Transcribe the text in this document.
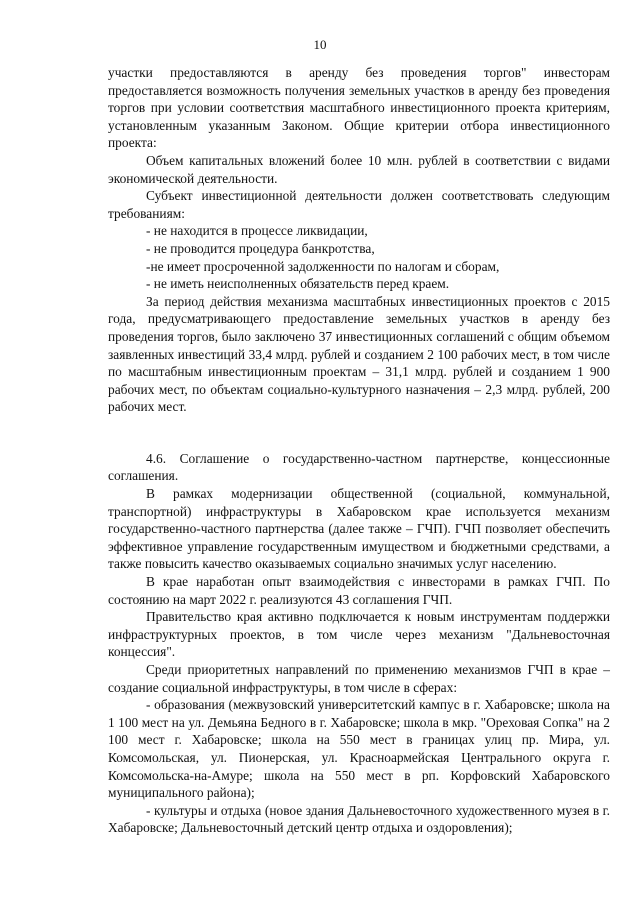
10

участки предоставляются в аренду без проведения торгов" инвесторам предоставляется возможность получения земельных участков в аренду без проведения торгов при условии соответствия масштабного инвестиционного проекта критериям, установленным указанным Законом. Общие критерии отбора инвестиционного проекта:

Объем капитальных вложений более 10 млн. рублей в соответствии с видами экономической деятельности.

Субъект инвестиционной деятельности должен соответствовать следующим требованиям:

- не находится в процессе ликвидации,

- не проводится процедура банкротства,

-не имеет просроченной задолженности по налогам и сборам,

- не иметь неисполненных обязательств перед краем.

За период действия механизма масштабных инвестиционных проектов с 2015 года, предусматривающего предоставление земельных участков в аренду без проведения торгов, было заключено 37 инвестиционных соглашений с общим объемом заявленных инвестиций 33,4 млрд. рублей и созданием 2 100 рабочих мест, в том числе по масштабным инвестиционным проектам – 31,1 млрд. рублей и созданием 1 900 рабочих мест, по объектам социально-культурного назначения – 2,3 млрд. рублей, 200 рабочих мест.

4.6. Соглашение о государственно-частном партнерстве, концессионные соглашения.

В рамках модернизации общественной (социальной, коммунальной, транспортной) инфраструктуры в Хабаровском крае используется механизм государственно-частного партнерства (далее также – ГЧП). ГЧП позволяет обеспечить эффективное управление государственным имуществом и бюджетными средствами, а также повысить качество оказываемых социально значимых услуг населению.

В крае наработан опыт взаимодействия с инвесторами в рамках ГЧП. По состоянию на март 2022 г. реализуются 43 соглашения ГЧП.

Правительство края активно подключается к новым инструментам поддержки инфраструктурных проектов, в том числе через механизм "Дальневосточная концессия".

Среди приоритетных направлений по применению механизмов ГЧП в крае – создание социальной инфраструктуры, в том числе в сферах:

- образования (межвузовский университетский кампус в г. Хабаровске; школа на 1 100 мест на ул. Демьяна Бедного в г. Хабаровске; школа в мкр. "Ореховая Сопка" на 2 100 мест г. Хабаровске; школа на 550 мест в границах улиц пр. Мира, ул. Комсомольская, ул. Пионерская, ул. Красноармейская Центрального округа г. Комсомольска-на-Амуре; школа на 550 мест в рп. Корфовский Хабаровского муниципального района);

- культуры и отдыха (новое здания Дальневосточного художественного музея в г. Хабаровске; Дальневосточный детский центр отдыха и оздоровления);
